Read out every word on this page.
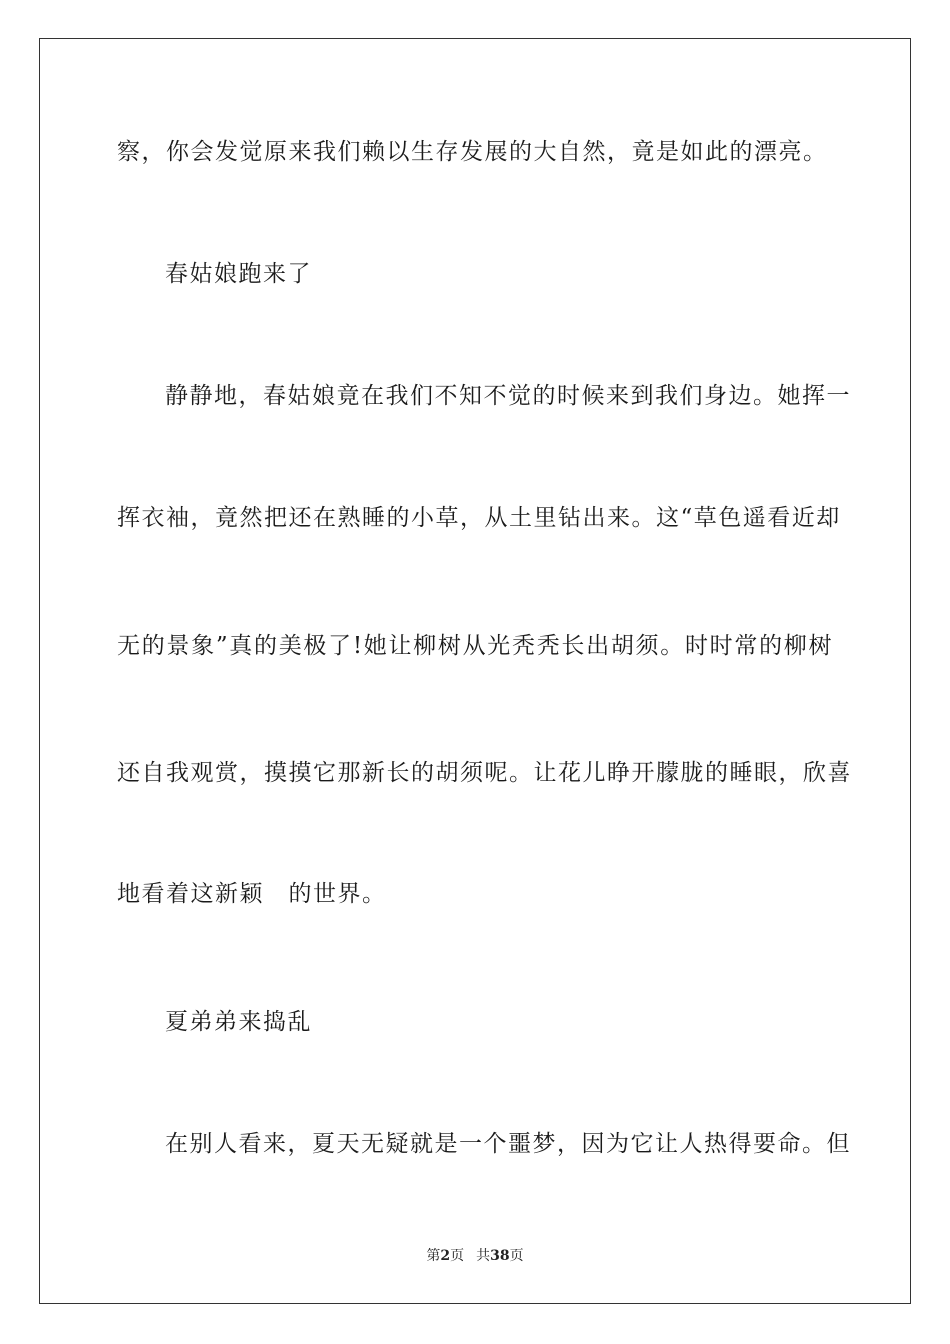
察，你会发觉原来我们赖以生存发展的大自然，竟是如此的漂亮。
春姑娘跑来了
静静地，春姑娘竟在我们不知不觉的时候来到我们身边。她挥一
挥衣袖，竟然把还在熟睡的小草，从土里钻出来。这“草色遥看近却
无的景象”真的美极了!她让柳树从光秃秃长出胡须。时时常的柳树
还自我观赏，摸摸它那新长的胡须呢。让花儿睁开朦胧的睡眼，欣喜
地看着这新颖　的世界。
夏弟弟来捣乱
在别人看来，夏天无疑就是一个噩梦，因为它让人热得要命。但
第2页 共38页
